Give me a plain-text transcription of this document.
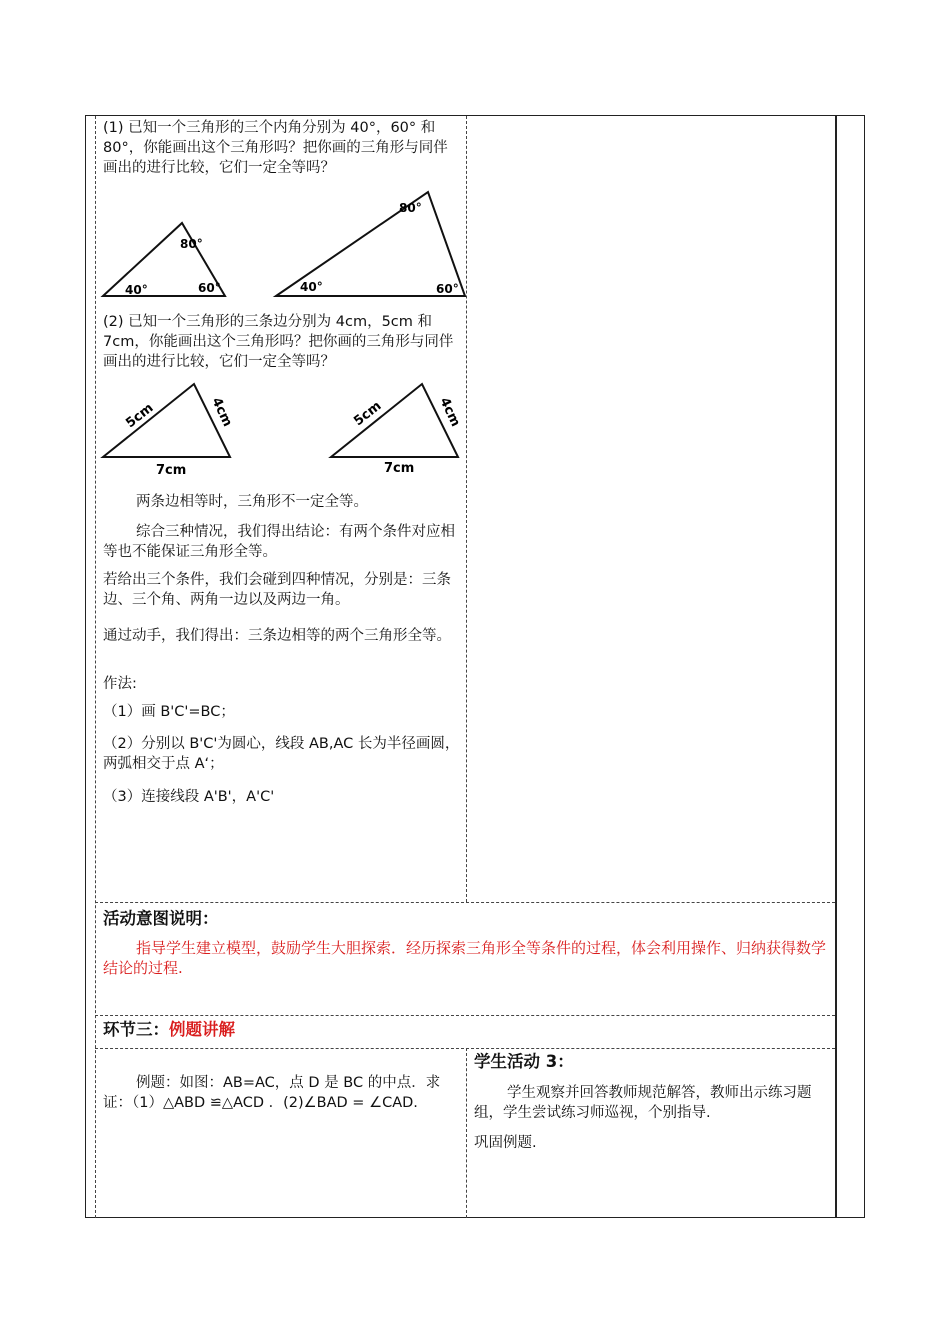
(1) 已知一个三角形的三个内角分别为 40°，60° 和 80°，你能画出这个三角形吗？把你画的三角形与同伴画出的进行比较，它们一定全等吗？

80°
40°	60°
80°
40°	60°

(2) 已知一个三角形的三条边分别为 4cm，5cm 和 7cm，你能画出这个三角形吗？把你画的三角形与同伴画出的进行比较，它们一定全等吗？

5cm	4cm
7cm
5cm	4cm
7cm

两条边相等时，三角形不一定全等。

综合三种情况，我们得出结论：有两个条件对应相等也不能保证三角形全等。

若给出三个条件，我们会碰到四种情况，分别是：三条边、三个角、两角一边以及两边一角。

通过动手，我们得出：三条边相等的两个三角形全等。

作法:

（1）画 B'C'=BC；

（2）分别以 B'C'为圆心，线段 AB,AC 长为半径画圆，两弧相交于点 A‘；

（3）连接线段 A'B'，A'C'

活动意图说明：

指导学生建立模型，鼓励学生大胆探索．经历探索三角形全等条件的过程，体会利用操作、归纳获得数学结论的过程.

环节三：例题讲解

例题：如图：AB=AC，点 D 是 BC 的中点．求证：（1）△ABD ≌△ACD ．(2)∠BAD = ∠CAD.

学生活动 3：

学生观察并回答教师规范解答，教师出示练习题组，学生尝试练习师巡视，个别指导.

巩固例题.
